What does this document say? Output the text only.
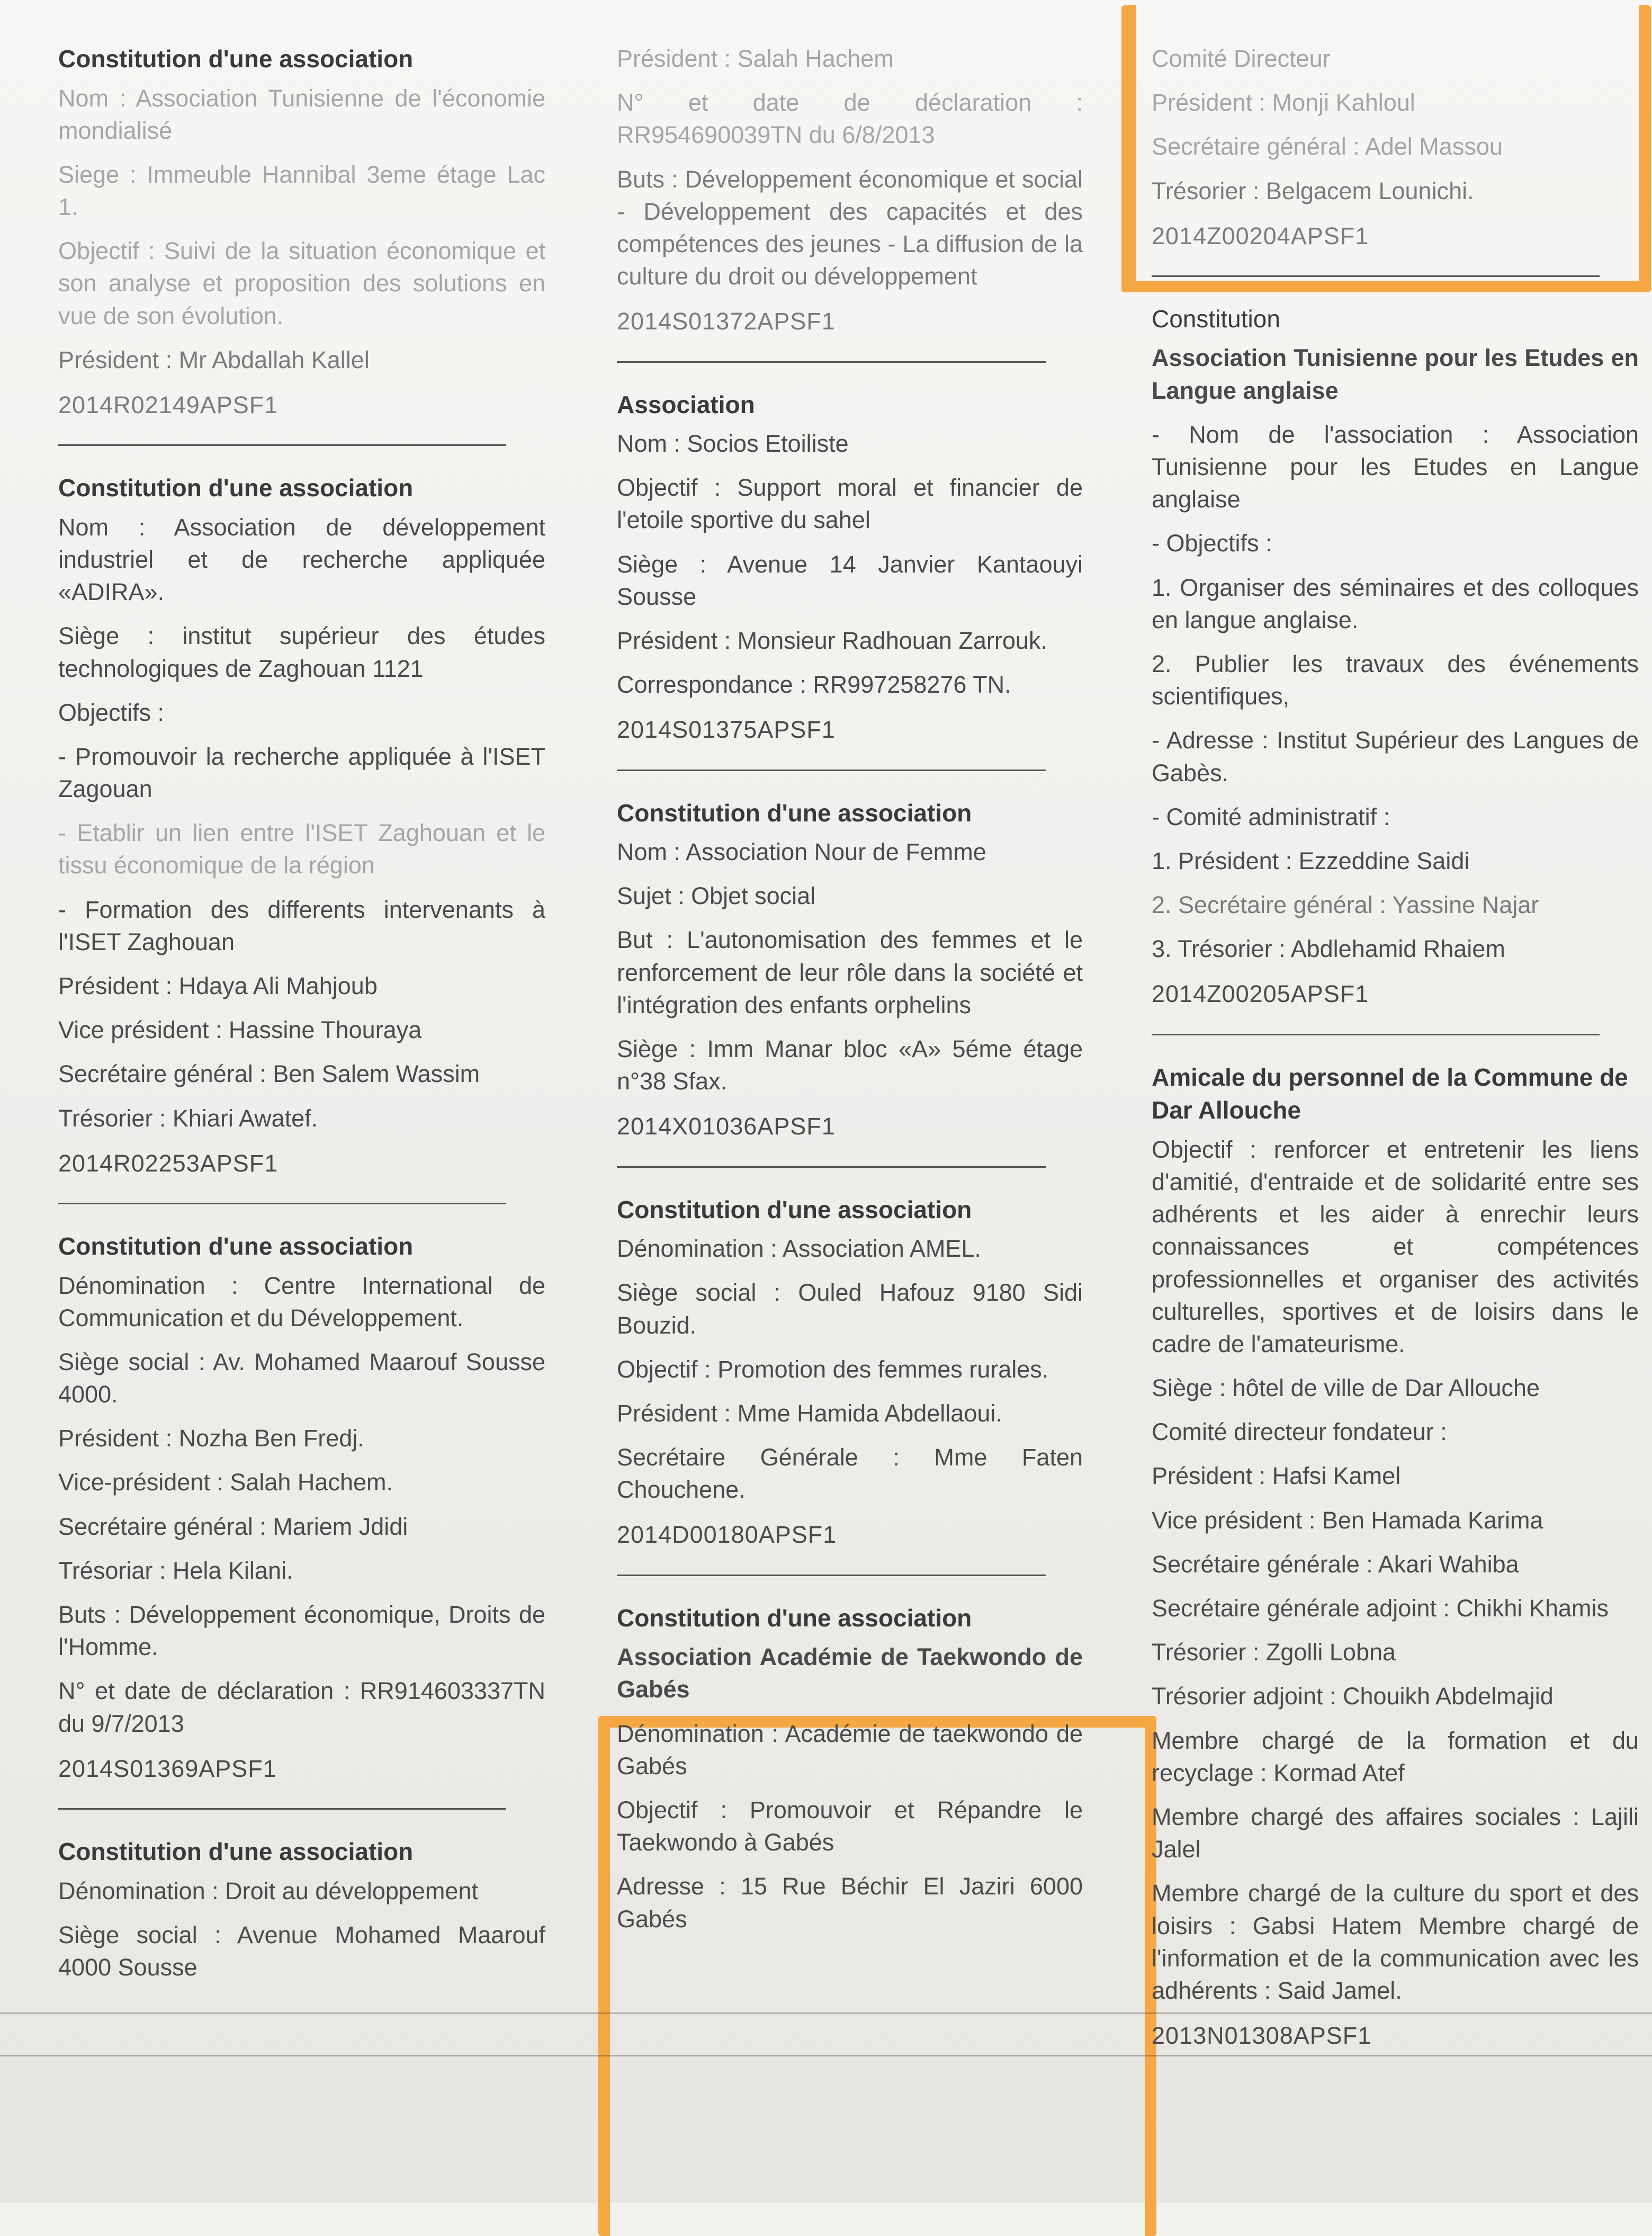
Constitution d'une association

Nom : Association Tunisienne de l'économie mondialisé

Siege : Immeuble Hannibal 3eme étage Lac 1.

Objectif : Suivi de la situation économique et son analyse et proposition des solutions en vue de son évolution.

Président : Mr Abdallah Kallel

2014R02149APSF1

Constitution d'une association

Nom : Association de développement industriel et de recherche appliquée «ADIRA».

Siège : institut supérieur des études technologiques de Zaghouan 1121

Objectifs :

- Promouvoir la recherche appliquée à l'ISET Zagouan

- Etablir un lien entre l'ISET Zaghouan et le tissu économique de la région

- Formation des differents intervenants à l'ISET Zaghouan

Président : Hdaya Ali Mahjoub

Vice président : Hassine Thouraya

Secrétaire général : Ben Salem Wassim

Trésorier : Khiari Awatef.

2014R02253APSF1

Constitution d'une association

Dénomination : Centre International de Communication et du Développement.

Siège social : Av. Mohamed Maarouf Sousse 4000.

Président : Nozha Ben Fredj.

Vice-président : Salah Hachem.

Secrétaire général : Mariem Jdidi

Trésoriar : Hela Kilani.

Buts : Développement économique, Droits de l'Homme.

N° et date de déclaration : RR914603337TN du 9/7/2013

2014S01369APSF1

Constitution d'une association

Dénomination : Droit au développement

Siège social : Avenue Mohamed Maarouf 4000 Sousse

Président : Salah Hachem

N° et date de déclaration : RR954690039TN du 6/8/2013

Buts : Développement économique et social - Développement des capacités et des compétences des jeunes - La diffusion de la culture du droit ou développement

2014S01372APSF1

Association

Nom : Socios Etoiliste

Objectif : Support moral et financier de l'etoile sportive du sahel

Siège : Avenue 14 Janvier Kantaouyi Sousse

Président : Monsieur Radhouan Zarrouk.

Correspondance : RR997258276 TN.

2014S01375APSF1

Constitution d'une association

Nom : Association Nour de Femme

Sujet : Objet social

But : L'autonomisation des femmes et le renforcement de leur rôle dans la société et l'intégration des enfants orphelins

Siège : Imm Manar bloc «A» 5éme étage n°38 Sfax.

2014X01036APSF1

Constitution d'une association

Dénomination : Association AMEL.

Siège social : Ouled Hafouz 9180 Sidi Bouzid.

Objectif : Promotion des femmes rurales.

Président : Mme Hamida Abdellaoui.

Secrétaire Générale : Mme Faten Chouchene.

2014D00180APSF1

Constitution d'une association

Association Académie de Taekwondo de Gabés

Dénomination : Académie de taekwondo de Gabés

Objectif : Promouvoir et Répandre le Taekwondo à Gabés

Adresse : 15 Rue Béchir El Jaziri 6000 Gabés

Comité Directeur

Président : Monji Kahloul

Secrétaire général : Adel Massou

Trésorier : Belgacem Lounichi.

2014Z00204APSF1

Constitution

Association Tunisienne pour les Etudes en Langue anglaise

- Nom de l'association : Association Tunisienne pour les Etudes en Langue anglaise

- Objectifs :

1. Organiser des séminaires et des colloques en langue anglaise.

2. Publier les travaux des événements scientifiques,

- Adresse : Institut Supérieur des Langues de Gabès.

- Comité administratif :

1. Président : Ezzeddine Saidi

2. Secrétaire général : Yassine Najar

3. Trésorier : Abdlehamid Rhaiem

2014Z00205APSF1

Amicale du personnel de la Commune de Dar Allouche

Objectif : renforcer et entretenir les liens d'amitié, d'entraide et de solidarité entre ses adhérents et les aider à enrechir leurs connaissances et compétences professionnelles et organiser des activités culturelles, sportives et de loisirs dans le cadre de l'amateurisme.

Siège : hôtel de ville de Dar Allouche

Comité directeur fondateur :

Président : Hafsi Kamel

Vice président : Ben Hamada Karima

Secrétaire générale : Akari Wahiba

Secrétaire générale adjoint : Chikhi Khamis

Trésorier : Zgolli Lobna

Trésorier adjoint : Chouikh Abdelmajid

Membre chargé de la formation et du recyclage : Kormad Atef

Membre chargé des affaires sociales : Lajili Jalel

Membre chargé de la culture du sport et des loisirs : Gabsi Hatem Membre chargé de l'information et de la communication avec les adhérents : Said Jamel.

2013N01308APSF1
